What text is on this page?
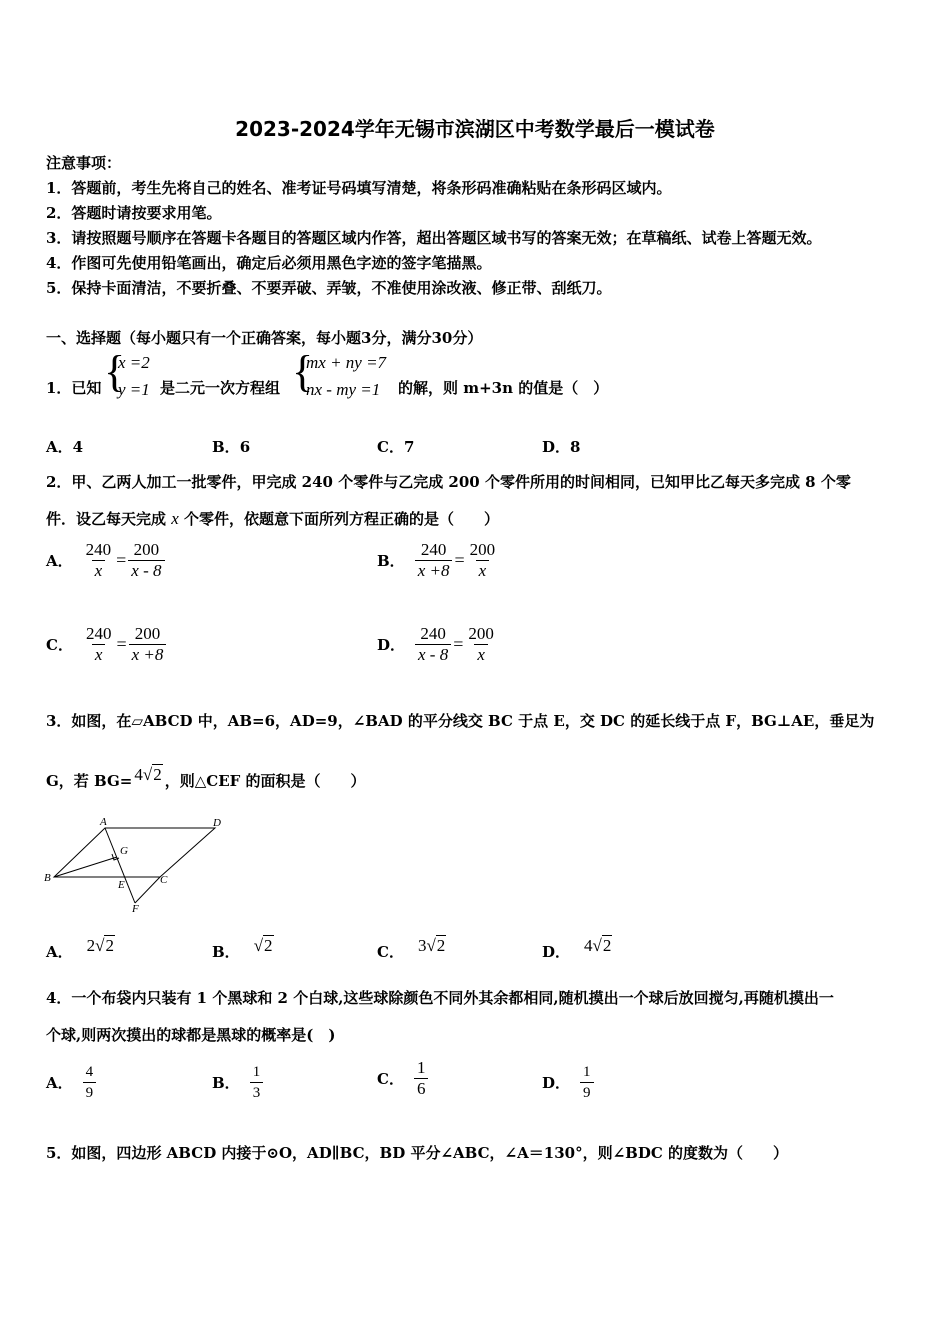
2023-2024学年无锡市滨湖区中考数学最后一模试卷
注意事项：
1．答题前，考生先将自己的姓名、准考证号码填写清楚，将条形码准确粘贴在条形码区域内。
2．答题时请按要求用笔。
3．请按照题号顺序在答题卡各题目的答题区域内作答，超出答题区域书写的答案无效；在草稿纸、试卷上答题无效。
4．作图可先使用铅笔画出，确定后必须用黑色字迹的签字笔描黑。
5．保持卡面清洁，不要折叠、不要弄破、弄皱，不准使用涂改液、修正带、刮纸刀。
一、选择题（每小题只有一个正确答案，每小题3分，满分30分）
1．已知 {
x =2
y =1 是二元一次方程组 {
mx + ny =7
nx - my =1 的解，则 m+3n 的值是（　）
A．4	B．6	C．7	D．8
2．甲、乙两人加工一批零件，甲完成 240 个零件与乙完成 200 个零件所用的时间相同，已知甲比乙每天多完成 8 个零
件．设乙每天完成 x 个零件，依题意下面所列方程正确的是（　　）
A． $\frac{240}{x} = \frac{200}{x - 8}$	B． $\frac{240}{x +8} = \frac{200}{x}$
C． $\frac{240}{x} = \frac{200}{x +8}$	D． $\frac{240}{x - 8} = \frac{200}{x}$
3．如图，在▱ABCD 中，AB=6，AD=9，∠BAD 的平分线交 BC 于点 E，交 DC 的延长线于点 F，BG⊥AE，垂足为
G，若 BG= 4√2 ，则△CEF 的面积是（　　）
A	D
B
G
E	C
F
A． 2√2	B． √2	C． 3√2	D． 4√2
4．一个布袋内只装有 1 个黑球和 2 个白球,这些球除颜色不同外其余都相同,随机摸出一个球后放回搅匀,再随机摸出一
个球,则两次摸出的球都是黑球的概率是(　)
A． $\frac{4}{9}$	B． $\frac{1}{3}$	C． $\frac{1}{6}$	D． $\frac{1}{9}$
5．如图，四边形 ABCD 内接于⊙O，AD∥BC，BD 平分∠ABC，∠A＝130°，则∠BDC 的度数为（　　）
